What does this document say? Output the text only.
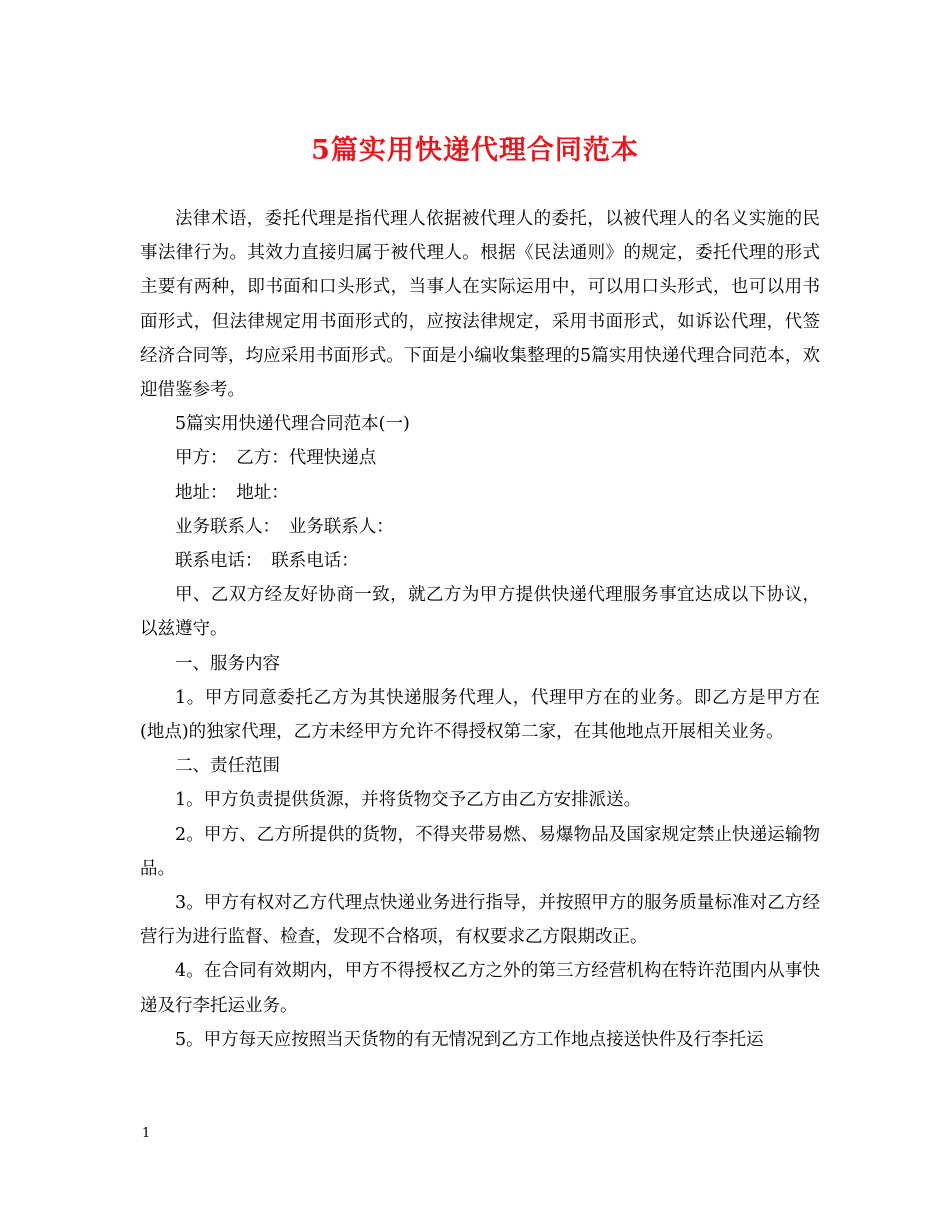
5篇实用快递代理合同范本

法律术语，委托代理是指代理人依据被代理人的委托，以被代理人的名义实施的民事法律行为。其效力直接归属于被代理人。根据《民法通则》的规定，委托代理的形式主要有两种，即书面和口头形式，当事人在实际运用中，可以用口头形式，也可以用书面形式，但法律规定用书面形式的，应按法律规定，采用书面形式，如诉讼代理，代签经济合同等，均应采用书面形式。下面是小编收集整理的5篇实用快递代理合同范本，欢迎借鉴参考。

5篇实用快递代理合同范本(一)

甲方：　乙方：代理快递点

地址：　地址：

业务联系人：　业务联系人：

联系电话：　联系电话：

甲、乙双方经友好协商一致，就乙方为甲方提供快递代理服务事宜达成以下协议，以兹遵守。

一、服务内容

1。甲方同意委托乙方为其快递服务代理人，代理甲方在的业务。即乙方是甲方在 (地点)的独家代理，乙方未经甲方允许不得授权第二家，在其他地点开展相关业务。

二、责任范围

1。甲方负责提供货源，并将货物交予乙方由乙方安排派送。

2。甲方、乙方所提供的货物，不得夹带易燃、易爆物品及国家规定禁止快递运输物品。

3。甲方有权对乙方代理点快递业务进行指导，并按照甲方的服务质量标准对乙方经营行为进行监督、检查，发现不合格项，有权要求乙方限期改正。

4。在合同有效期内，甲方不得授权乙方之外的第三方经营机构在特许范围内从事快递及行李托运业务。

5。甲方每天应按照当天货物的有无情况到乙方工作地点接送快件及行李托运

1
